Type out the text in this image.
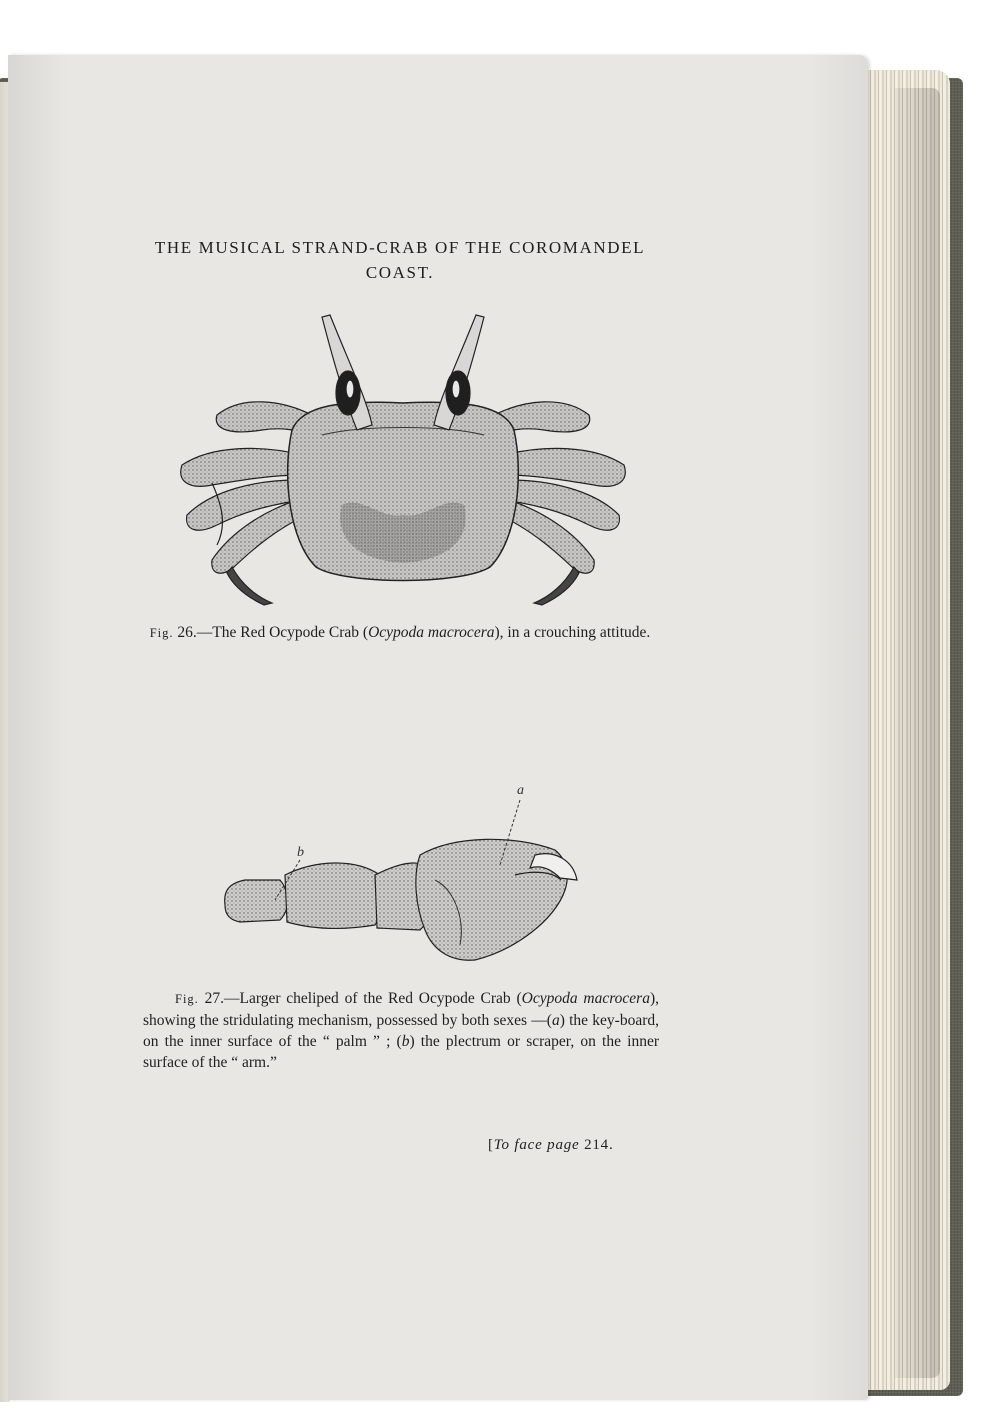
THE MUSICAL STRAND-CRAB OF THE COROMANDEL
COAST.
Fig. 26.—The Red Ocypode Crab (Ocypoda macrocera), in a crouching attitude.
a
b
Fig. 27.—Larger cheliped of the Red Ocypode Crab (Ocypoda macrocera), showing the stridulating mechanism, possessed by both sexes —(a) the key-board, on the inner surface of the “ palm ” ; (b) the plectrum or scraper, on the inner surface of the “ arm.”
[To face page 214.
